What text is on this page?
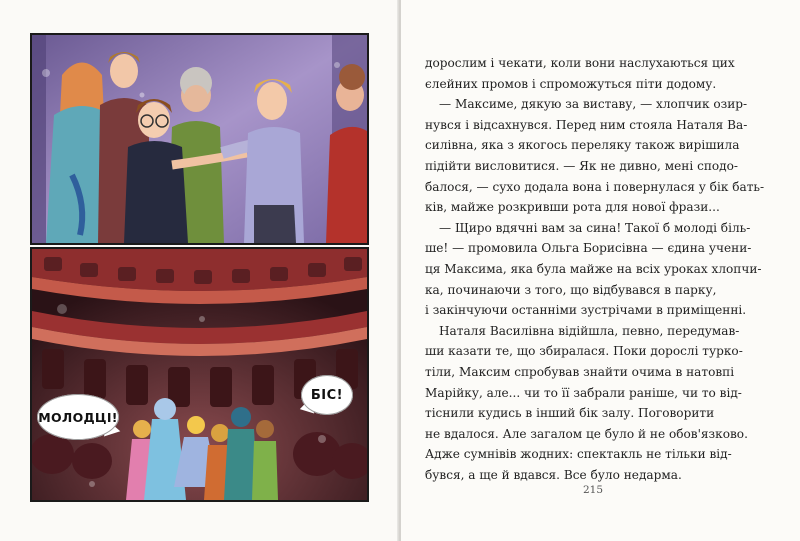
МОЛОДЦІ!
БІС!

дорослим і чекати, коли вони наслухаються цих
єлейних промов і спроможуться піти додому.

— Максиме, дякую за виставу, — хлопчик озир-
нувся і відсахнувся. Перед ним стояла Наталя Ва-
силівна, яка з якогось переляку також вирішила
підійти висловитися. — Як не дивно, мені сподо-
балося, — сухо додала вона і повернулася у бік бать-
ків, майже розкривши рота для нової фрази...

— Щиро вдячні вам за сина! Такої б молоді біль-
ше! — промовила Ольга Борисівна — єдина учени-
ця Максима, яка була майже на всіх уроках хлопчи-
ка, починаючи з того, що відбувався в парку,
і закінчуючи останніми зустрічами в приміщенні.

Наталя Василівна відійшла, певно, передумав-
ши казати те, що збиралася. Поки дорослі турко-
тіли, Максим спробував знайти очима в натовпі
Марійку, але... чи то її забрали раніше, чи то від-
тіснили кудись в інший бік залу. Поговорити
не вдалося. Але загалом це було й не обов'язково.
Адже сумнівів жодних: спектакль не тільки від-
бувся, а ще й вдався. Все було недарма.

215
